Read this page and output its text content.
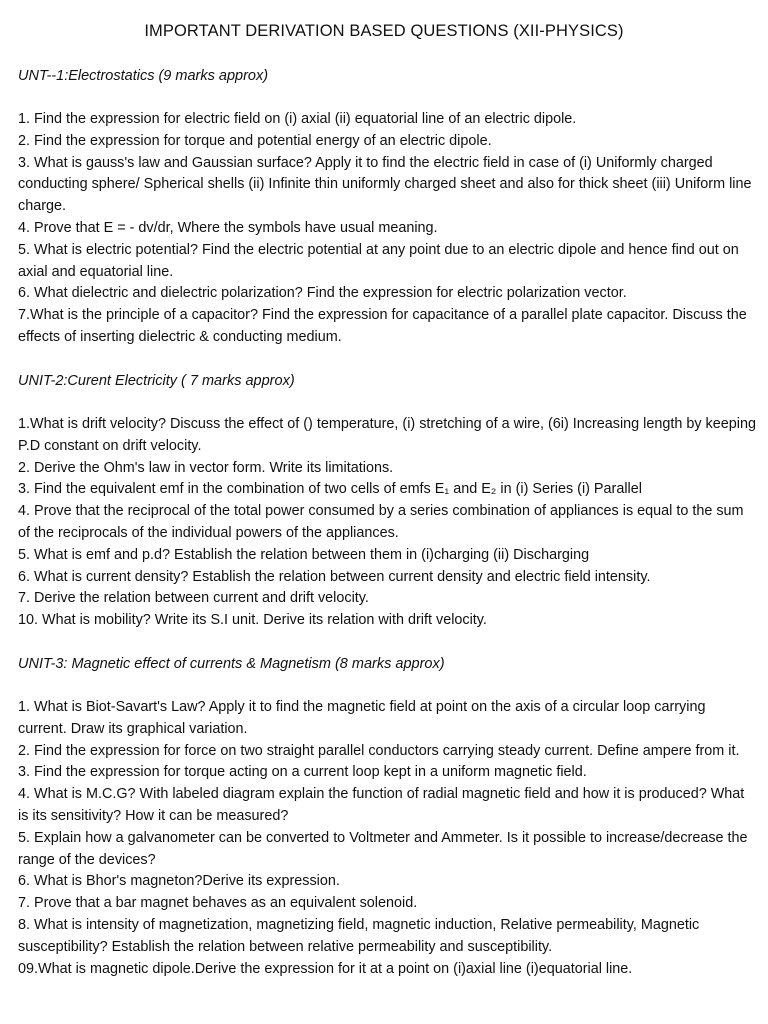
IMPORTANT DERIVATION BASED QUESTIONS (XII-PHYSICS)
UNT--1:Electrostatics (9 marks approx)

1. Find the expression for electric field on (i) axial (ii) equatorial line of an electric dipole.

2. Find the expression for torque and potential energy of an electric dipole.

3. What is gauss's law and Gaussian surface? Apply it to find the electric field in case of (i) Uniformly charged conducting sphere/ Spherical shells (ii) Infinite thin uniformly charged sheet and also for thick sheet (iii) Uniform line charge.

4. Prove that E = - dv/dr, Where the symbols have usual meaning.

5. What is electric potential? Find the electric potential at any point due to an electric dipole and hence find out on axial and equatorial line.

6. What dielectric and dielectric polarization? Find the expression for electric polarization vector.

7.What is the principle of a capacitor? Find the expression for capacitance of a parallel plate capacitor. Discuss the effects of inserting dielectric & conducting medium.

UNIT-2:Curent Electricity ( 7 marks approx)

1.What is drift velocity? Discuss the effect of () temperature, (i) stretching of a wire, (6i) Increasing length by keeping P.D constant on drift velocity.

2. Derive the Ohm's law in vector form. Write its limitations.

3. Find the equivalent emf in the combination of two cells of emfs E₁ and E₂ in (i) Series (i) Parallel

4. Prove that the reciprocal of the total power consumed by a series combination of appliances is equal to the sum of the reciprocals of the individual powers of the appliances.

5. What is emf and p.d? Establish the relation between them in (i)charging (ii) Discharging

6. What is current density? Establish the relation between current density and electric field intensity.

7. Derive the relation between current and drift velocity.

10. What is mobility? Write its S.I unit. Derive its relation with drift velocity.

UNIT-3: Magnetic effect of currents & Magnetism (8 marks approx)

1. What is Biot-Savart's Law? Apply it to find the magnetic field at point on the axis of a circular loop carrying current. Draw its graphical variation.

2. Find the expression for force on two straight parallel conductors carrying steady current. Define ampere from it.

3. Find the expression for torque acting on a current loop kept in a uniform magnetic field.

4. What is M.C.G? With labeled diagram explain the function of radial magnetic field and how it is produced? What is its sensitivity? How it can be measured?

5. Explain how a galvanometer can be converted to Voltmeter and Ammeter. Is it possible to increase/decrease the range of the devices?

6. What is Bhor's magneton?Derive its expression.

7. Prove that a bar magnet behaves as an equivalent solenoid.

8. What is intensity of magnetization, magnetizing field, magnetic induction, Relative permeability, Magnetic susceptibility? Establish the relation between relative permeability and susceptibility.

09.What is magnetic dipole.Derive the expression for it at a point on (i)axial line (i)equatorial line.
